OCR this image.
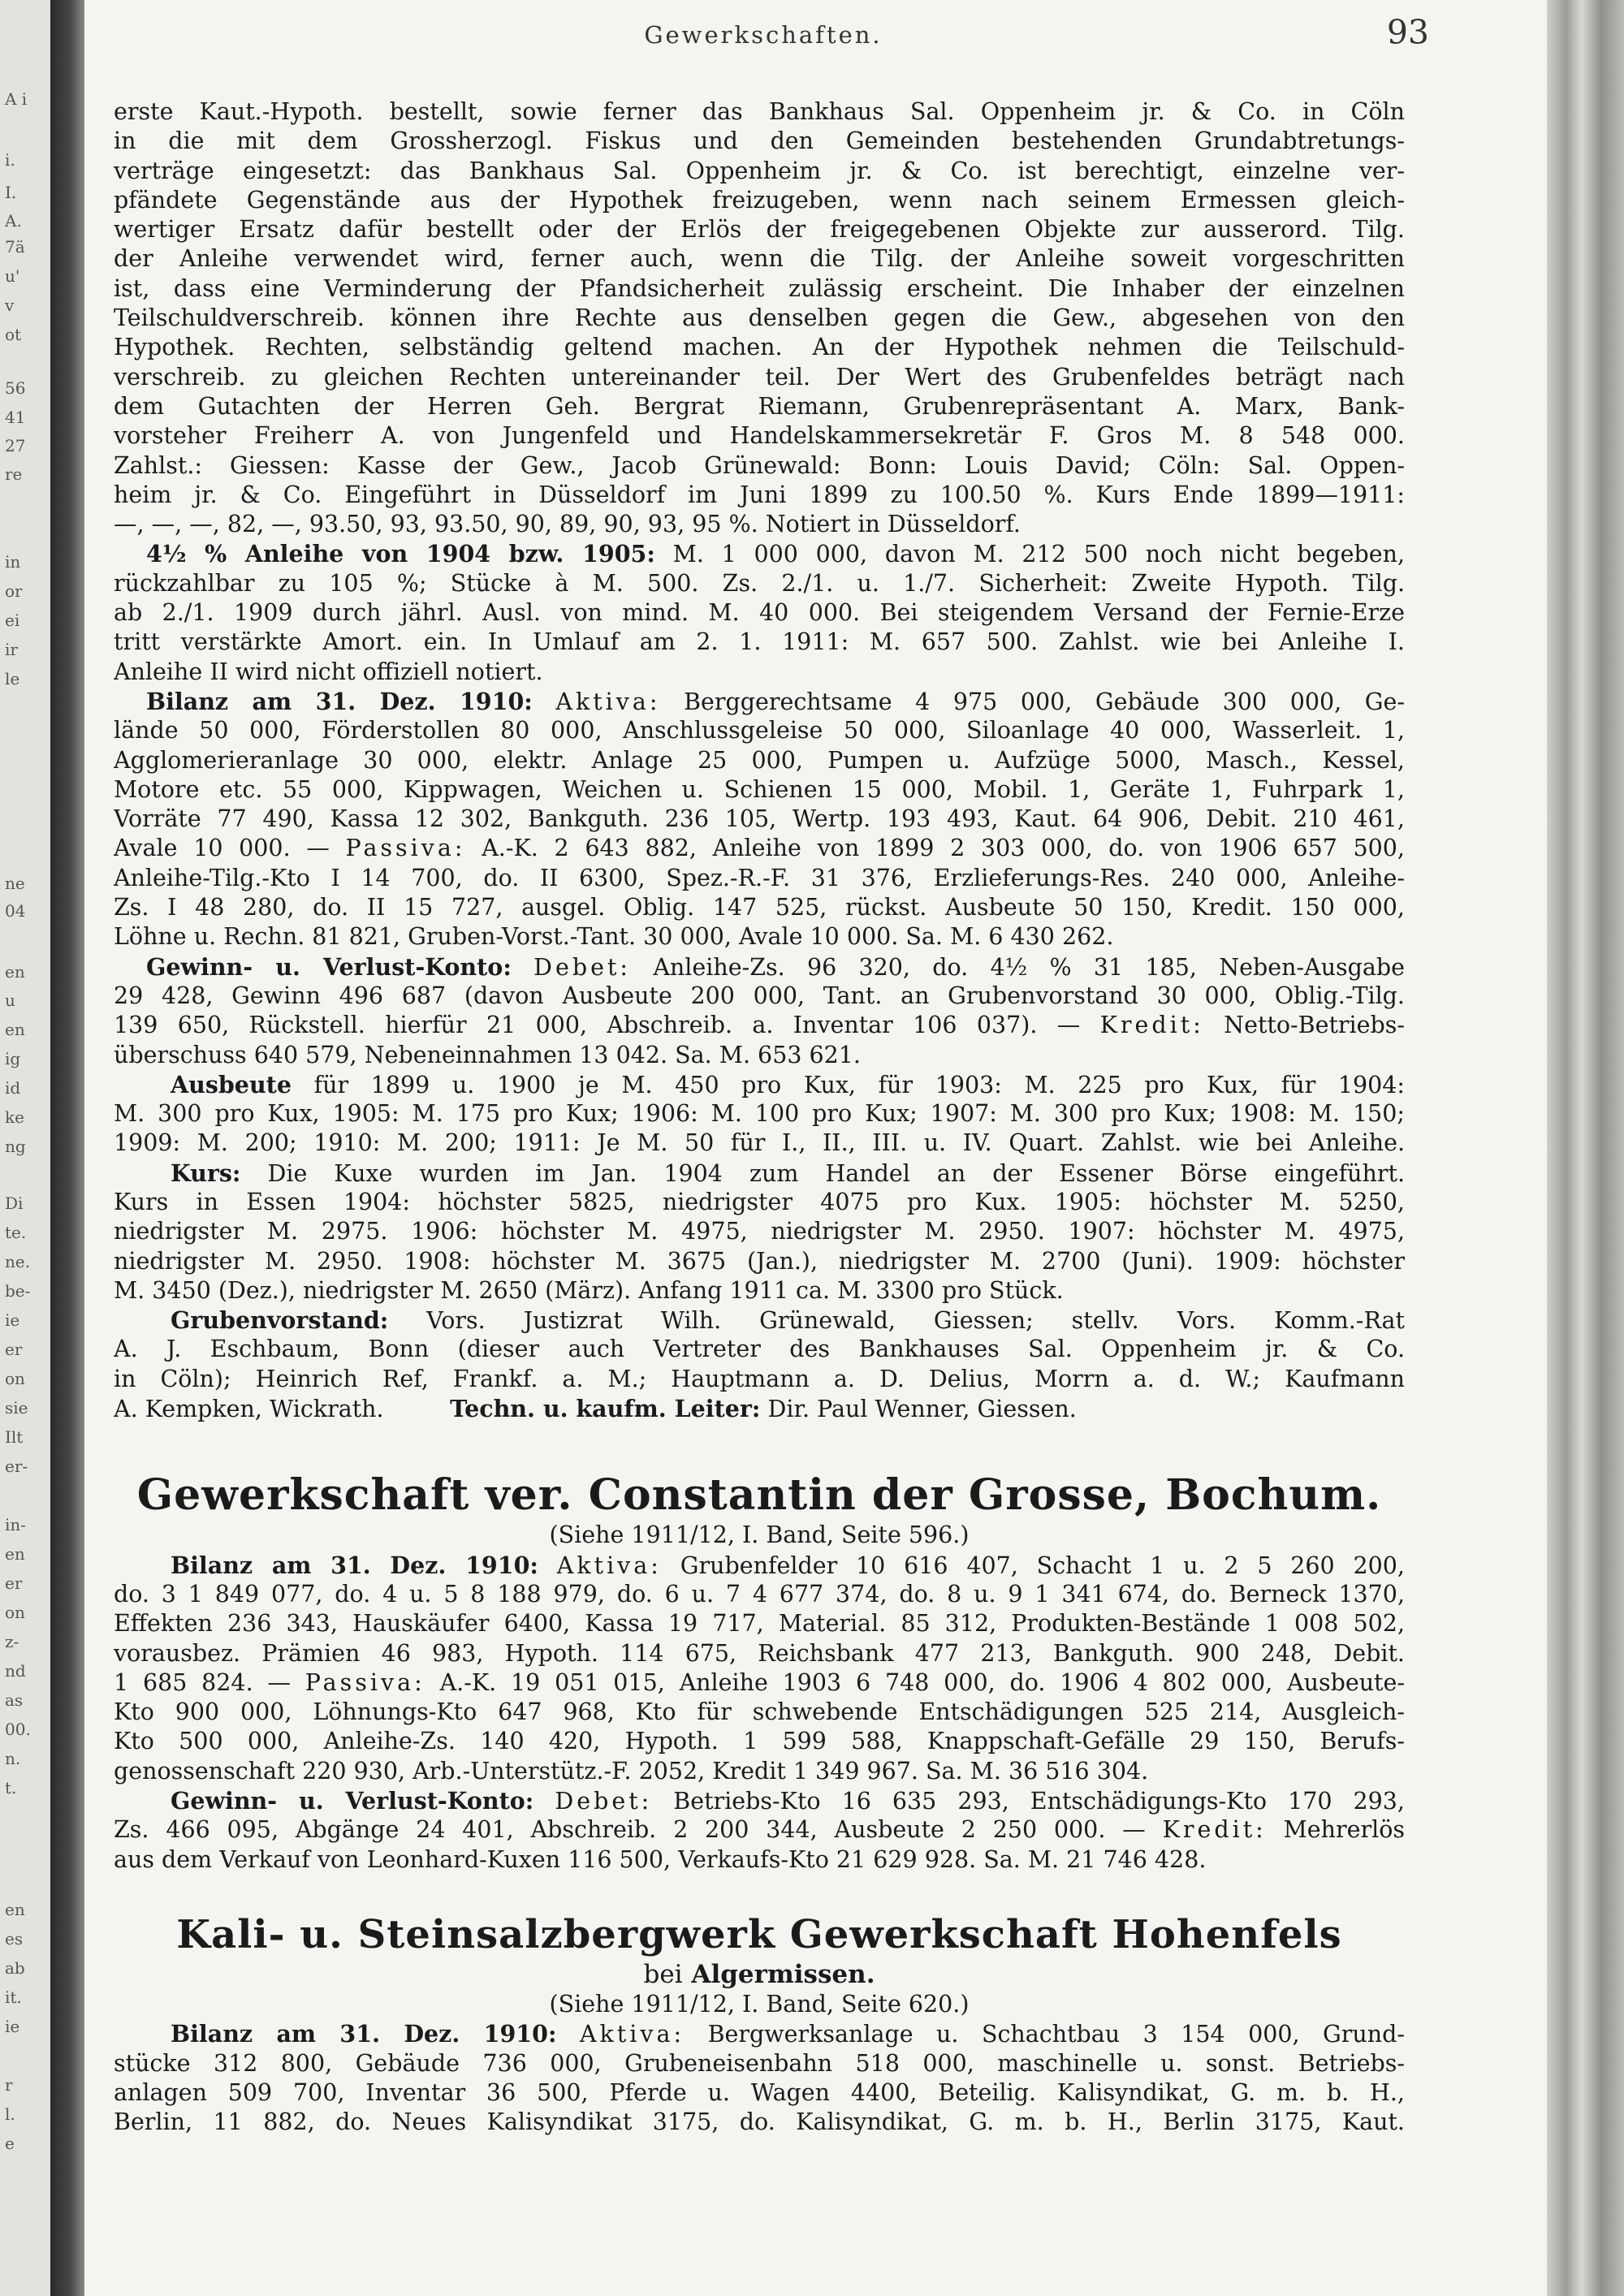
A i
i.
I.
A.
7ä
u'
v
ot
56
41
27
re
in
or
ei
ir
le
ne
04
en
u
en
ig
id
ke
ng
Di
te.
ne.
be-
ie
er
on
sie
Ilt
er-
in-
en
er
on
z-
nd
as
00.
n.
t.
en
es
ab
it.
ie
r
l.
e
Gewerkschaften.	93
erste Kaut.-Hypoth. bestellt, sowie ferner das Bankhaus Sal. Oppenheim jr. & Co. in Cöln
in die mit dem Grossherzogl. Fiskus und den Gemeinden bestehenden Grundabtretungs-
verträge eingesetzt: das Bankhaus Sal. Oppenheim jr. & Co. ist berechtigt, einzelne ver-
pfändete Gegenstände aus der Hypothek freizugeben, wenn nach seinem Ermessen gleich-
wertiger Ersatz dafür bestellt oder der Erlös der freigegebenen Objekte zur ausserord. Tilg.
der Anleihe verwendet wird, ferner auch, wenn die Tilg. der Anleihe soweit vorgeschritten
ist, dass eine Verminderung der Pfandsicherheit zulässig erscheint. Die Inhaber der einzelnen
Teilschuldverschreib. können ihre Rechte aus denselben gegen die Gew., abgesehen von den
Hypothek. Rechten, selbständig geltend machen. An der Hypothek nehmen die Teilschuld-
verschreib. zu gleichen Rechten untereinander teil. Der Wert des Grubenfeldes beträgt nach
dem Gutachten der Herren Geh. Bergrat Riemann, Grubenrepräsentant A. Marx, Bank-
vorsteher Freiherr A. von Jungenfeld und Handelskammersekretär F. Gros M. 8 548 000.
Zahlst.: Giessen: Kasse der Gew., Jacob Grünewald: Bonn: Louis David; Cöln: Sal. Oppen-
heim jr. & Co. Eingeführt in Düsseldorf im Juni 1899 zu 100.50 %. Kurs Ende 1899—1911:
—, —, —, 82, —, 93.50, 93, 93.50, 90, 89, 90, 93, 95 %. Notiert in Düsseldorf.
4½ % Anleihe von 1904 bzw. 1905: M. 1 000 000, davon M. 212 500 noch nicht begeben,
rückzahlbar zu 105 %; Stücke à M. 500. Zs. 2./1. u. 1./7. Sicherheit: Zweite Hypoth. Tilg.
ab 2./1. 1909 durch jährl. Ausl. von mind. M. 40 000. Bei steigendem Versand der Fernie-Erze
tritt verstärkte Amort. ein. In Umlauf am 2. 1. 1911: M. 657 500. Zahlst. wie bei Anleihe I.
Anleihe II wird nicht offiziell notiert.
Bilanz am 31. Dez. 1910: Aktiva: Berggerechtsame 4 975 000, Gebäude 300 000, Ge-
lände 50 000, Förderstollen 80 000, Anschlussgeleise 50 000, Siloanlage 40 000, Wasserleit. 1,
Agglomerieranlage 30 000, elektr. Anlage 25 000, Pumpen u. Aufzüge 5000, Masch., Kessel,
Motore etc. 55 000, Kippwagen, Weichen u. Schienen 15 000, Mobil. 1, Geräte 1, Fuhrpark 1,
Vorräte 77 490, Kassa 12 302, Bankguth. 236 105, Wertp. 193 493, Kaut. 64 906, Debit. 210 461,
Avale 10 000. — Passiva: A.-K. 2 643 882, Anleihe von 1899 2 303 000, do. von 1906 657 500,
Anleihe-Tilg.-Kto I 14 700, do. II 6300, Spez.-R.-F. 31 376, Erzlieferungs-Res. 240 000, Anleihe-
Zs. I 48 280, do. II 15 727, ausgel. Oblig. 147 525, rückst. Ausbeute 50 150, Kredit. 150 000,
Löhne u. Rechn. 81 821, Gruben-Vorst.-Tant. 30 000, Avale 10 000. Sa. M. 6 430 262.
Gewinn- u. Verlust-Konto: Debet: Anleihe-Zs. 96 320, do. 4½ % 31 185, Neben-Ausgabe
29 428, Gewinn 496 687 (davon Ausbeute 200 000, Tant. an Grubenvorstand 30 000, Oblig.-Tilg.
139 650, Rückstell. hierfür 21 000, Abschreib. a. Inventar 106 037). — Kredit: Netto-Betriebs-
überschuss 640 579, Nebeneinnahmen 13 042. Sa. M. 653 621.
Ausbeute für 1899 u. 1900 je M. 450 pro Kux, für 1903: M. 225 pro Kux, für 1904:
M. 300 pro Kux, 1905: M. 175 pro Kux; 1906: M. 100 pro Kux; 1907: M. 300 pro Kux; 1908: M. 150;
1909: M. 200; 1910: M. 200; 1911: Je M. 50 für I., II., III. u. IV. Quart. Zahlst. wie bei Anleihe.
Kurs: Die Kuxe wurden im Jan. 1904 zum Handel an der Essener Börse eingeführt.
Kurs in Essen 1904: höchster 5825, niedrigster 4075 pro Kux. 1905: höchster M. 5250,
niedrigster M. 2975. 1906: höchster M. 4975, niedrigster M. 2950. 1907: höchster M. 4975,
niedrigster M. 2950. 1908: höchster M. 3675 (Jan.), niedrigster M. 2700 (Juni). 1909: höchster
M. 3450 (Dez.), niedrigster M. 2650 (März). Anfang 1911 ca. M. 3300 pro Stück.
Grubenvorstand: Vors. Justizrat Wilh. Grünewald, Giessen; stellv. Vors. Komm.-Rat
A. J. Eschbaum, Bonn (dieser auch Vertreter des Bankhauses Sal. Oppenheim jr. & Co.
in Cöln); Heinrich Ref, Frankf. a. M.; Hauptmann a. D. Delius, Morrn a. d. W.; Kaufmann
A. Kempken, Wickrath.	Techn. u. kaufm. Leiter: Dir. Paul Wenner, Giessen.
Gewerkschaft ver. Constantin der Grosse, Bochum.
(Siehe 1911/12, I. Band, Seite 596.)
Bilanz am 31. Dez. 1910: Aktiva: Grubenfelder 10 616 407, Schacht 1 u. 2 5 260 200,
do. 3 1 849 077, do. 4 u. 5 8 188 979, do. 6 u. 7 4 677 374, do. 8 u. 9 1 341 674, do. Berneck 1370,
Effekten 236 343, Hauskäufer 6400, Kassa 19 717, Material. 85 312, Produkten-Bestände 1 008 502,
vorausbez. Prämien 46 983, Hypoth. 114 675, Reichsbank 477 213, Bankguth. 900 248, Debit.
1 685 824. — Passiva: A.-K. 19 051 015, Anleihe 1903 6 748 000, do. 1906 4 802 000, Ausbeute-
Kto 900 000, Löhnungs-Kto 647 968, Kto für schwebende Entschädigungen 525 214, Ausgleich-
Kto 500 000, Anleihe-Zs. 140 420, Hypoth. 1 599 588, Knappschaft-Gefälle 29 150, Berufs-
genossenschaft 220 930, Arb.-Unterstütz.-F. 2052, Kredit 1 349 967. Sa. M. 36 516 304.
Gewinn- u. Verlust-Konto: Debet: Betriebs-Kto 16 635 293, Entschädigungs-Kto 170 293,
Zs. 466 095, Abgänge 24 401, Abschreib. 2 200 344, Ausbeute 2 250 000. — Kredit: Mehrerlös
aus dem Verkauf von Leonhard-Kuxen 116 500, Verkaufs-Kto 21 629 928. Sa. M. 21 746 428.
Kali- u. Steinsalzbergwerk Gewerkschaft Hohenfels
bei Algermissen.
(Siehe 1911/12, I. Band, Seite 620.)
Bilanz am 31. Dez. 1910: Aktiva: Bergwerksanlage u. Schachtbau 3 154 000, Grund-
stücke 312 800, Gebäude 736 000, Grubeneisenbahn 518 000, maschinelle u. sonst. Betriebs-
anlagen 509 700, Inventar 36 500, Pferde u. Wagen 4400, Beteilig. Kalisyndikat, G. m. b. H.,
Berlin, 11 882, do. Neues Kalisyndikat 3175, do. Kalisyndikat, G. m. b. H., Berlin 3175, Kaut.
